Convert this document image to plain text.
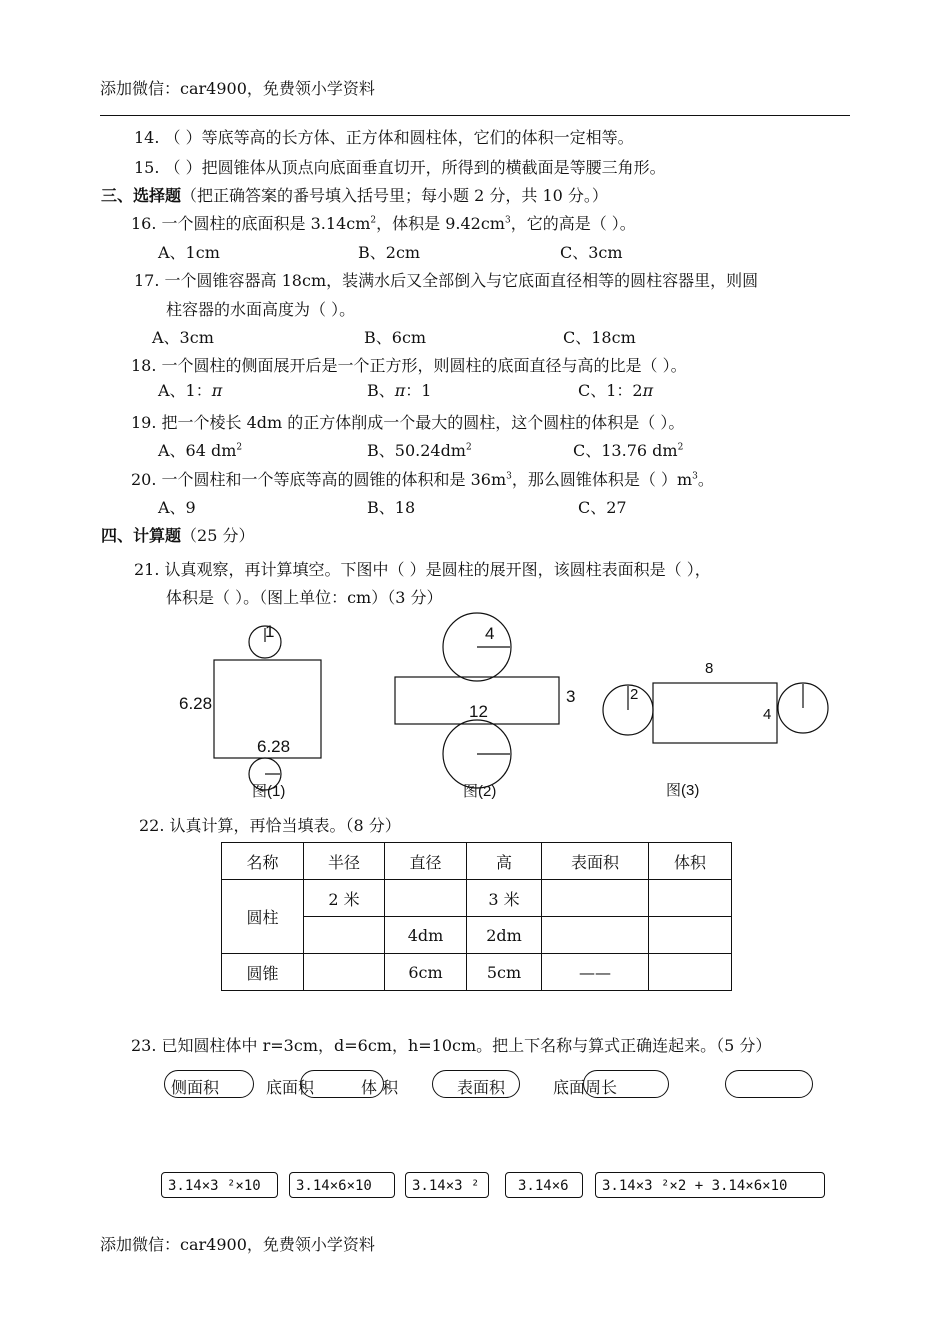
添加微信：car4900，免费领小学资料
14. （ ）等底等高的长方体、正方体和圆柱体，它们的体积一定相等。
15. （ ）把圆锥体从顶点向底面垂直切开，所得到的横截面是等腰三角形。
三、选择题（把正确答案的番号填入括号里；每小题 2 分，共 10 分。）
16. 一个圆柱的底面积是 $3.14cm^2$，体积是 $9.42cm^3$，它的高是（ ）。
A、1cm	B、2cm	C、3cm
17. 一个圆锥容器高 18cm，装满水后又全部倒入与它底面直径相等的圆柱容器里，则圆
柱容器的水面高度为（ ）。
A、3cm	B、6cm	C、18cm
18. 一个圆柱的侧面展开后是一个正方形，则圆柱的底面直径与高的比是（ ）。
A、1：π	B、π：1	C、1：2π
19. 把一个棱长 4dm 的正方体削成一个最大的圆柱，这个圆柱的体积是（ ）。
A、64 $dm^2$	B、$50.24dm^2$	C、13.76 $dm^2$
20. 一个圆柱和一个等底等高的圆锥的体积和是 $36m^3$，那么圆锥体积是（ ）$m^3$。
A、9	B、18	C、27
四、计算题（25 分）
21. 认真观察，再计算填空。下图中（ ）是圆柱的展开图，该圆柱表面积是（ ），
体积是（ ）。（图上单位：cm）（3 分）
1
6.28
6.28
图(1)
4
3
12
图(2)
8
2
4
图(3)
22. 认真计算，再恰当填表。（8 分）
名称	半径	直径	高	表面积	体积
圆柱	2 米		3 米		
		4dm	2dm		
圆锥		6cm	5cm	——	
23. 已知圆柱体中 r=3cm，d=6cm，h=10cm。把上下名称与算式正确连起来。（5 分）
侧面积	底面积	体 积	表面积	底面周长
3.14×3 ²×10	3.14×6×10	3.14×3 ²	3.14×6	3.14×3 ²×2 + 3.14×6×10
添加微信：car4900，免费领小学资料
